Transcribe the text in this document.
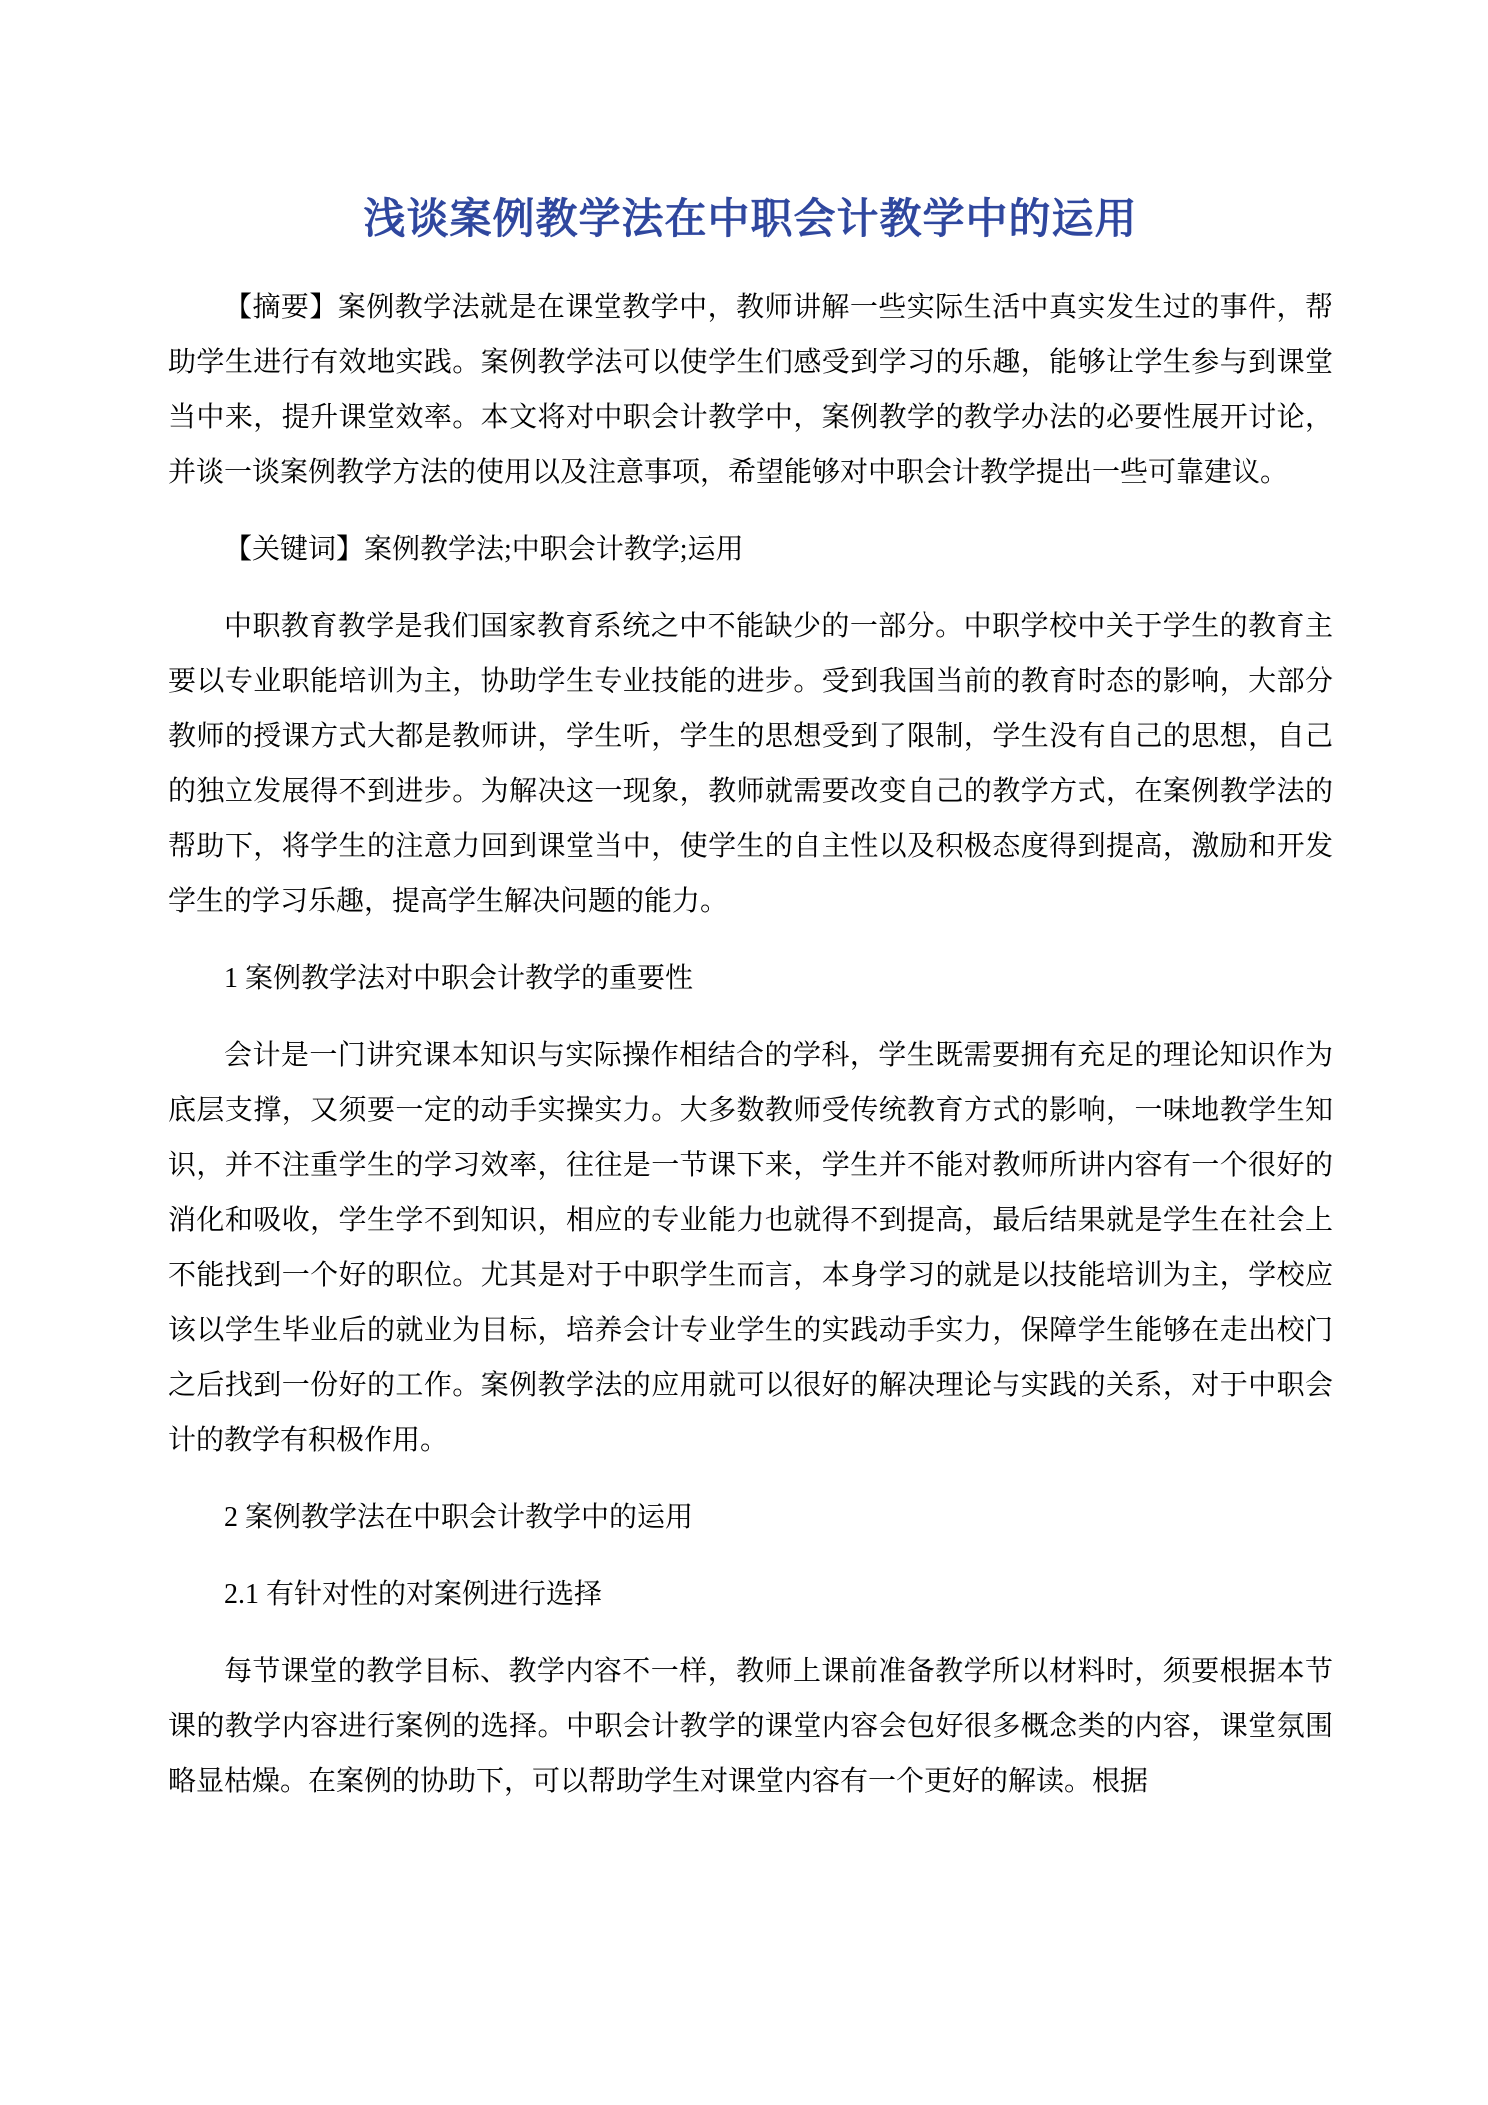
浅谈案例教学法在中职会计教学中的运用

【摘要】案例教学法就是在课堂教学中，教师讲解一些实际生活中真实发生过的事件，帮助学生进行有效地实践。案例教学法可以使学生们感受到学习的乐趣，能够让学生参与到课堂当中来，提升课堂效率。本文将对中职会计教学中，案例教学的教学办法的必要性展开讨论，并谈一谈案例教学方法的使用以及注意事项，希望能够对中职会计教学提出一些可靠建议。

【关键词】案例教学法;中职会计教学;运用

中职教育教学是我们国家教育系统之中不能缺少的一部分。中职学校中关于学生的教育主要以专业职能培训为主，协助学生专业技能的进步。受到我国当前的教育时态的影响，大部分教师的授课方式大都是教师讲，学生听，学生的思想受到了限制，学生没有自己的思想，自己的独立发展得不到进步。为解决这一现象，教师就需要改变自己的教学方式，在案例教学法的帮助下，将学生的注意力回到课堂当中，使学生的自主性以及积极态度得到提高，激励和开发学生的学习乐趣，提高学生解决问题的能力。

1 案例教学法对中职会计教学的重要性

会计是一门讲究课本知识与实际操作相结合的学科，学生既需要拥有充足的理论知识作为底层支撑，又须要一定的动手实操实力。大多数教师受传统教育方式的影响，一味地教学生知识，并不注重学生的学习效率，往往是一节课下来，学生并不能对教师所讲内容有一个很好的消化和吸收，学生学不到知识，相应的专业能力也就得不到提高，最后结果就是学生在社会上不能找到一个好的职位。尤其是对于中职学生而言，本身学习的就是以技能培训为主，学校应该以学生毕业后的就业为目标，培养会计专业学生的实践动手实力，保障学生能够在走出校门之后找到一份好的工作。案例教学法的应用就可以很好的解决理论与实践的关系，对于中职会计的教学有积极作用。

2 案例教学法在中职会计教学中的运用

2.1 有针对性的对案例进行选择

每节课堂的教学目标、教学内容不一样，教师上课前准备教学所以材料时，须要根据本节课的教学内容进行案例的选择。中职会计教学的课堂内容会包好很多概念类的内容，课堂氛围略显枯燥。在案例的协助下，可以帮助学生对课堂内容有一个更好的解读。根据
